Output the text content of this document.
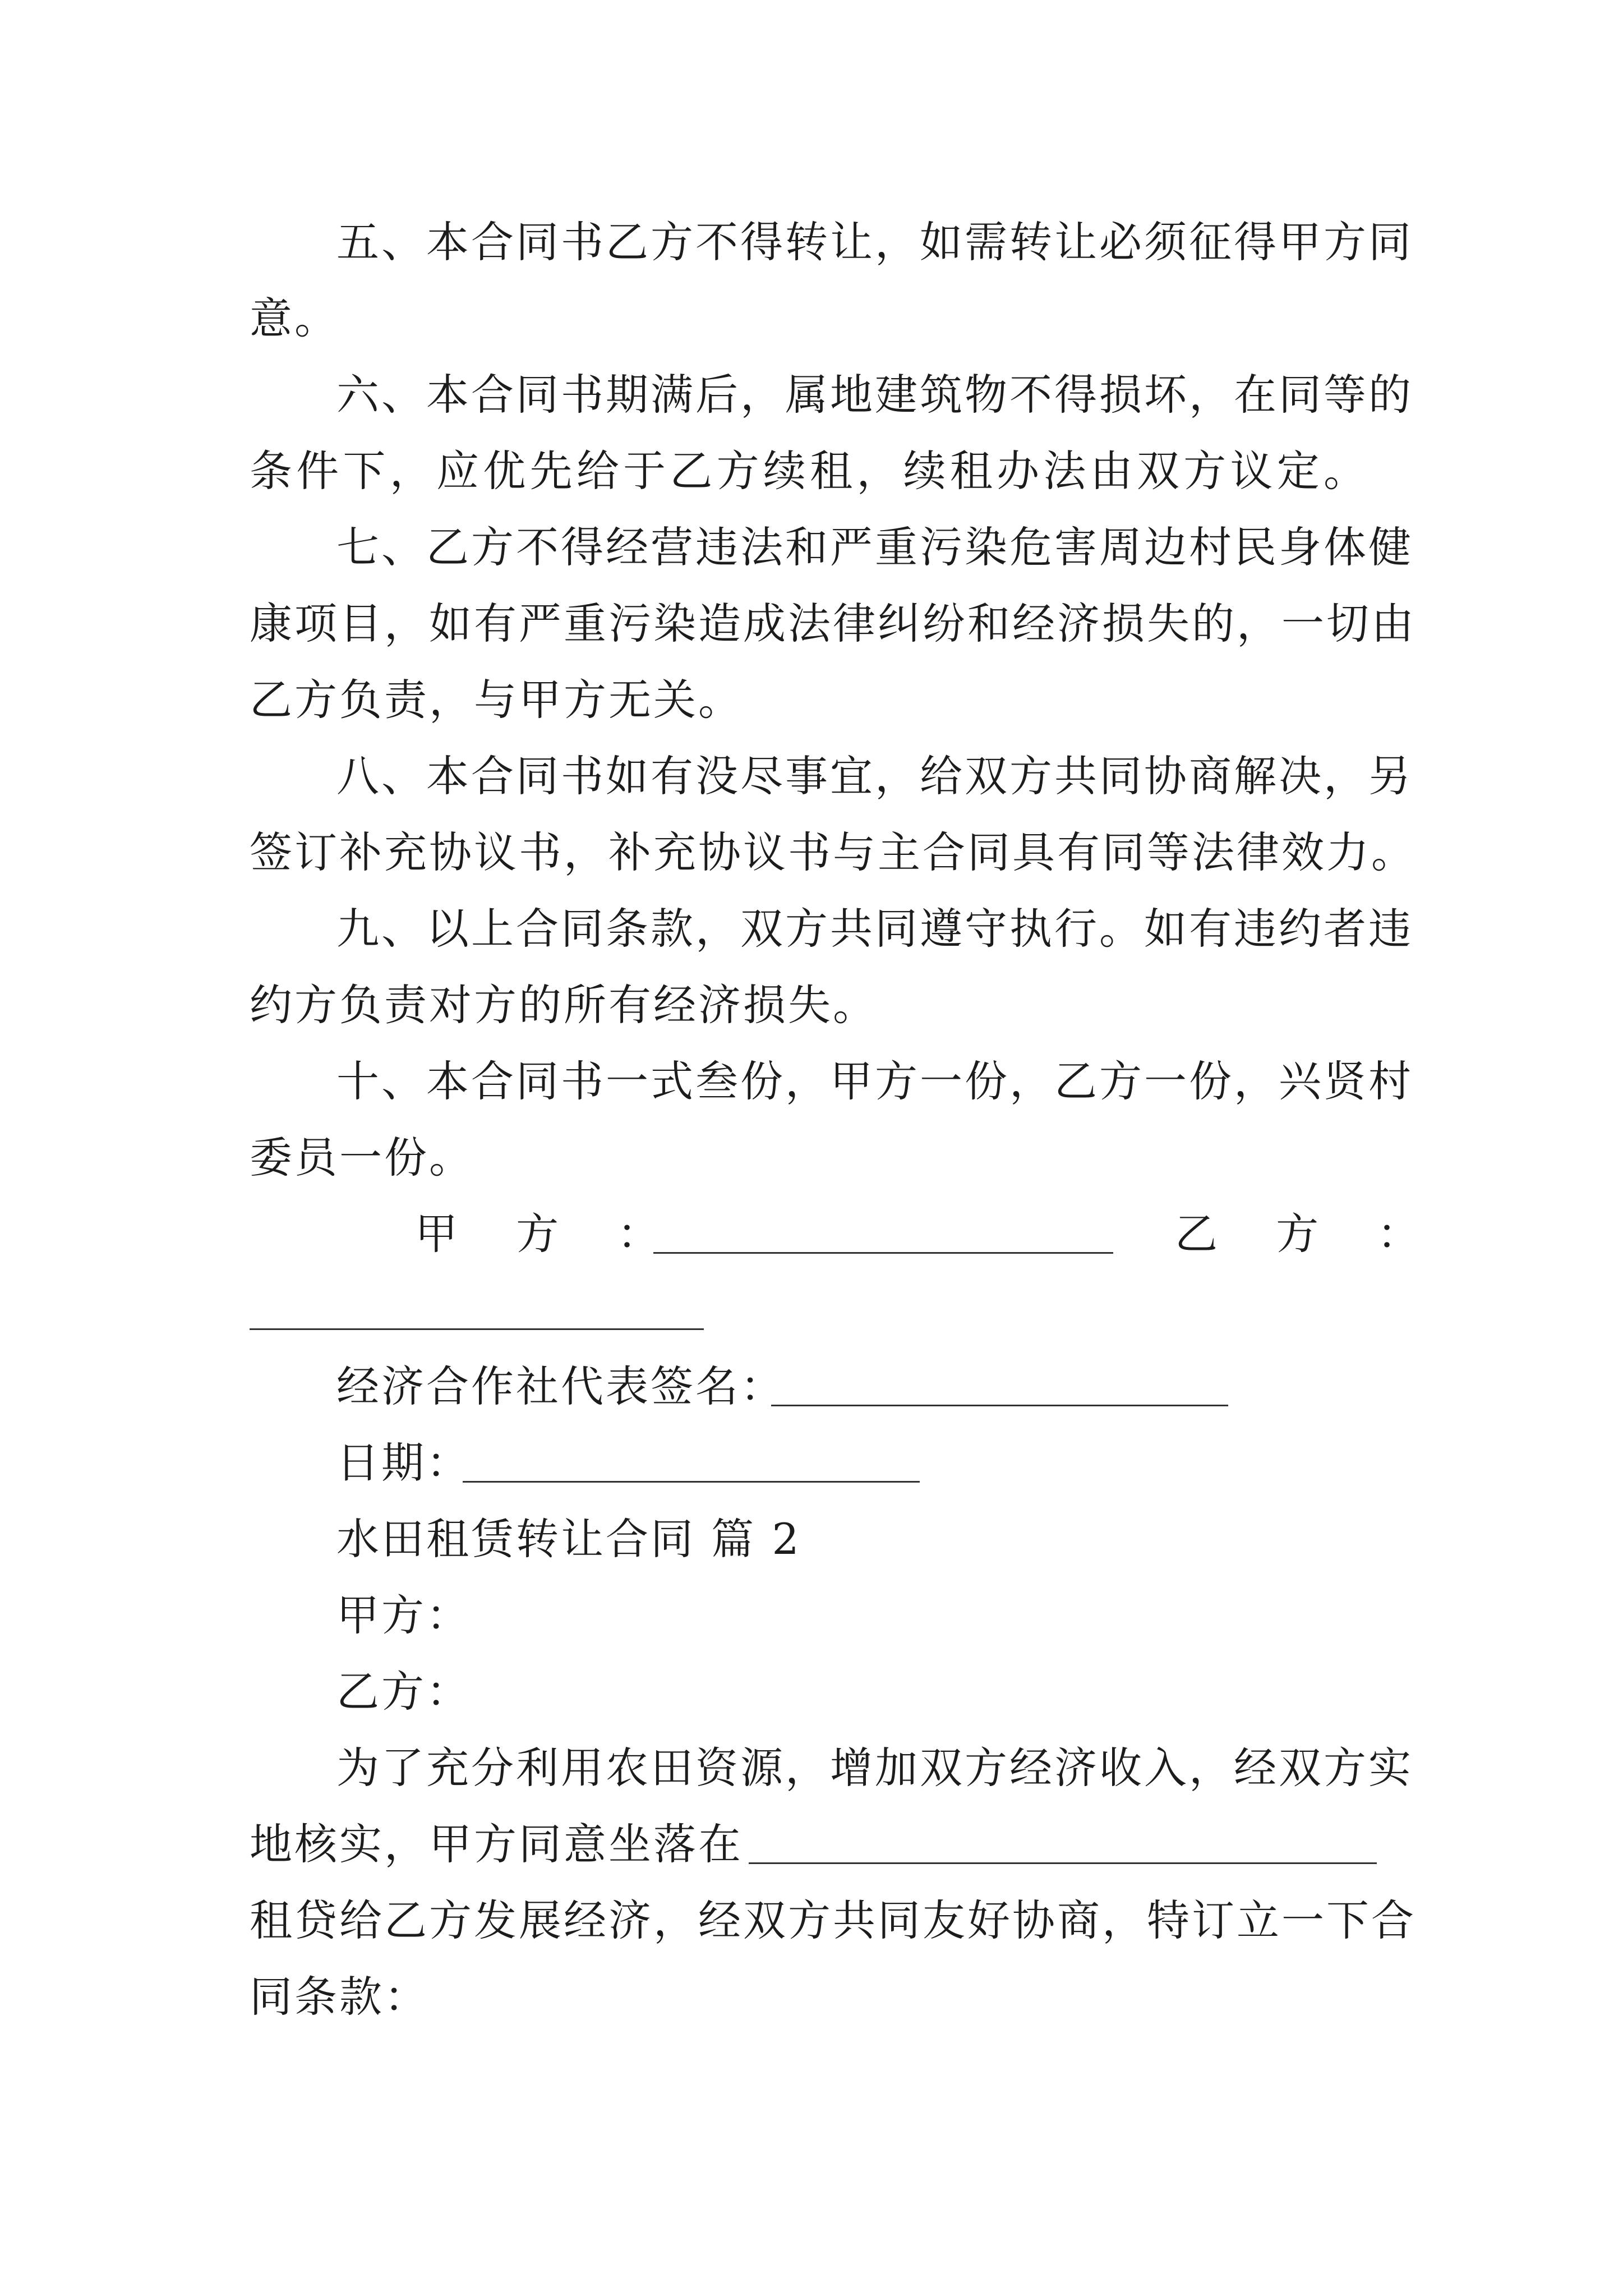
五、本合同书乙方不得转让，如需转让必须征得甲方同
意。
六、本合同书期满后，属地建筑物不得损坏，在同等的
条件下，应优先给于乙方续租，续租办法由双方议定。
七、乙方不得经营违法和严重污染危害周边村民身体健
康项目，如有严重污染造成法律纠纷和经济损失的，一切由
乙方负责，与甲方无关。
八、本合同书如有没尽事宜，给双方共同协商解决，另
签订补充协议书，补充协议书与主合同具有同等法律效力。
九、以上合同条款，双方共同遵守执行。如有违约者违
约方负责对方的所有经济损失。
十、本合同书一式叁份，甲方一份，乙方一份，兴贤村
委员一份。
甲 方 ：	乙 方 ：
经济合作社代表签名：
日期：
水田租赁转让合同 篇 2
甲方：
乙方：
为了充分利用农田资源，增加双方经济收入，经双方实
地核实，甲方同意坐落在
租贷给乙方发展经济，经双方共同友好协商，特订立一下合
同条款：
